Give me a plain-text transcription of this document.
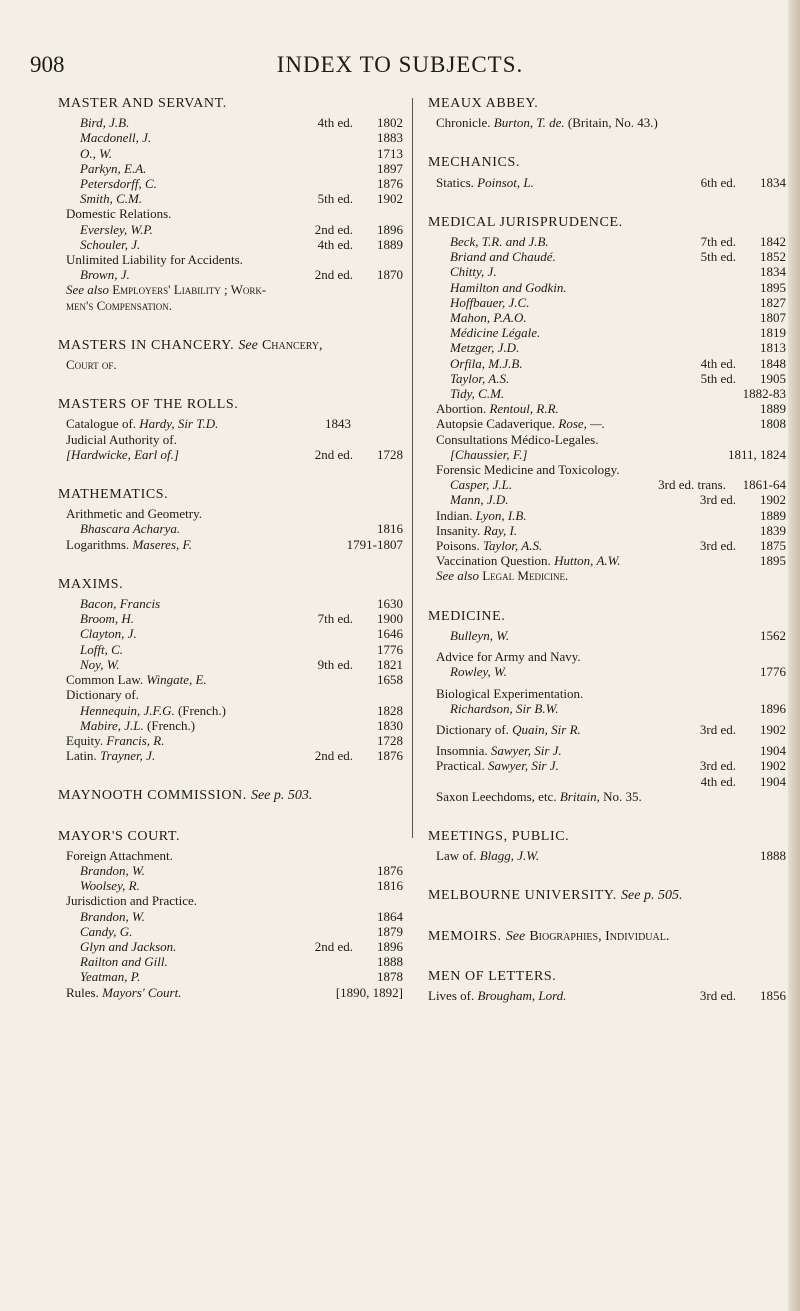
908	INDEX TO SUBJECTS.
MASTER AND SERVANT.
Bird, J.B.	4th ed.	1802
Macdonell, J.	1883
O., W.	1713
Parkyn, E.A.	1897
Petersdorff, C.	1876
Smith, C.M.	5th ed.	1902
Domestic Relations.
Eversley, W.P.	2nd ed.	1896
Schouler, J.	4th ed.	1889
Unlimited Liability for Accidents.
Brown, J.	2nd ed.	1870
See also Employers' Liability ; Work-
men's Compensation.
MASTERS IN CHANCERY. See Chancery,
Court of.
MASTERS OF THE ROLLS.
Catalogue of. Hardy, Sir T.D.	1843
Judicial Authority of.
[Hardwicke, Earl of.]	2nd ed.	1728
MATHEMATICS.
Arithmetic and Geometry.
Bhascara Acharya.	1816
Logarithms. Maseres, F.	1791-1807
MAXIMS.
Bacon, Francis	1630
Broom, H.	7th ed.	1900
Clayton, J.	1646
Lofft, C.	1776
Noy, W.	9th ed.	1821
Common Law. Wingate, E.	1658
Dictionary of.
Hennequin, J.F.G. (French.)	1828
Mabire, J.L. (French.)	1830
Equity. Francis, R.	1728
Latin. Trayner, J.	2nd ed.	1876
MAYNOOTH COMMISSION. See p. 503.
MAYOR'S COURT.
Foreign Attachment.
Brandon, W.	1876
Woolsey, R.	1816
Jurisdiction and Practice.
Brandon, W.	1864
Candy, G.	1879
Glyn and Jackson.	2nd ed.	1896
Railton and Gill.	1888
Yeatman, P.	1878
Rules. Mayors' Court.	[1890, 1892]
MEAUX ABBEY.
Chronicle. Burton, T. de. (Britain, No. 43.)
MECHANICS.
Statics. Poinsot, L.	6th ed.	1834
MEDICAL JURISPRUDENCE.
Beck, T.R. and J.B.	7th ed.	1842
Briand and Chaudé.	5th ed.	1852
Chitty, J.	1834
Hamilton and Godkin.	1895
Hoffbauer, J.C.	1827
Mahon, P.A.O.	1807
Médicine Légale.	1819
Metzger, J.D.	1813
Orfila, M.J.B.	4th ed.	1848
Taylor, A.S.	5th ed.	1905
Tidy, C.M.	1882-83
Abortion. Rentoul, R.R.	1889
Autopsie Cadaverique. Rose, —.	1808
Consultations Médico-Legales.
[Chaussier, F.]	1811, 1824
Forensic Medicine and Toxicology.
Casper, J.L.	3rd ed. trans.	1861-64
Mann, J.D.	3rd ed.	1902
Indian. Lyon, I.B.	1889
Insanity. Ray, I.	1839
Poisons. Taylor, A.S.	3rd ed.	1875
Vaccination Question. Hutton, A.W.	1895
See also Legal Medicine.
MEDICINE.
Bulleyn, W.	1562
Advice for Army and Navy.
Rowley, W.	1776
Biological Experimentation.
Richardson, Sir B.W.	1896
Dictionary of. Quain, Sir R.	3rd ed.	1902
Insomnia. Sawyer, Sir J.	1904
Practical. Sawyer, Sir J.	3rd ed.	1902
4th ed.	1904
Saxon Leechdoms, etc. Britain, No. 35.
MEETINGS, PUBLIC.
Law of. Blagg, J.W.	1888
MELBOURNE UNIVERSITY. See p. 505.
MEMOIRS. See Biographies, Individual.
MEN OF LETTERS.
Lives of. Brougham, Lord.	3rd ed.	1856
